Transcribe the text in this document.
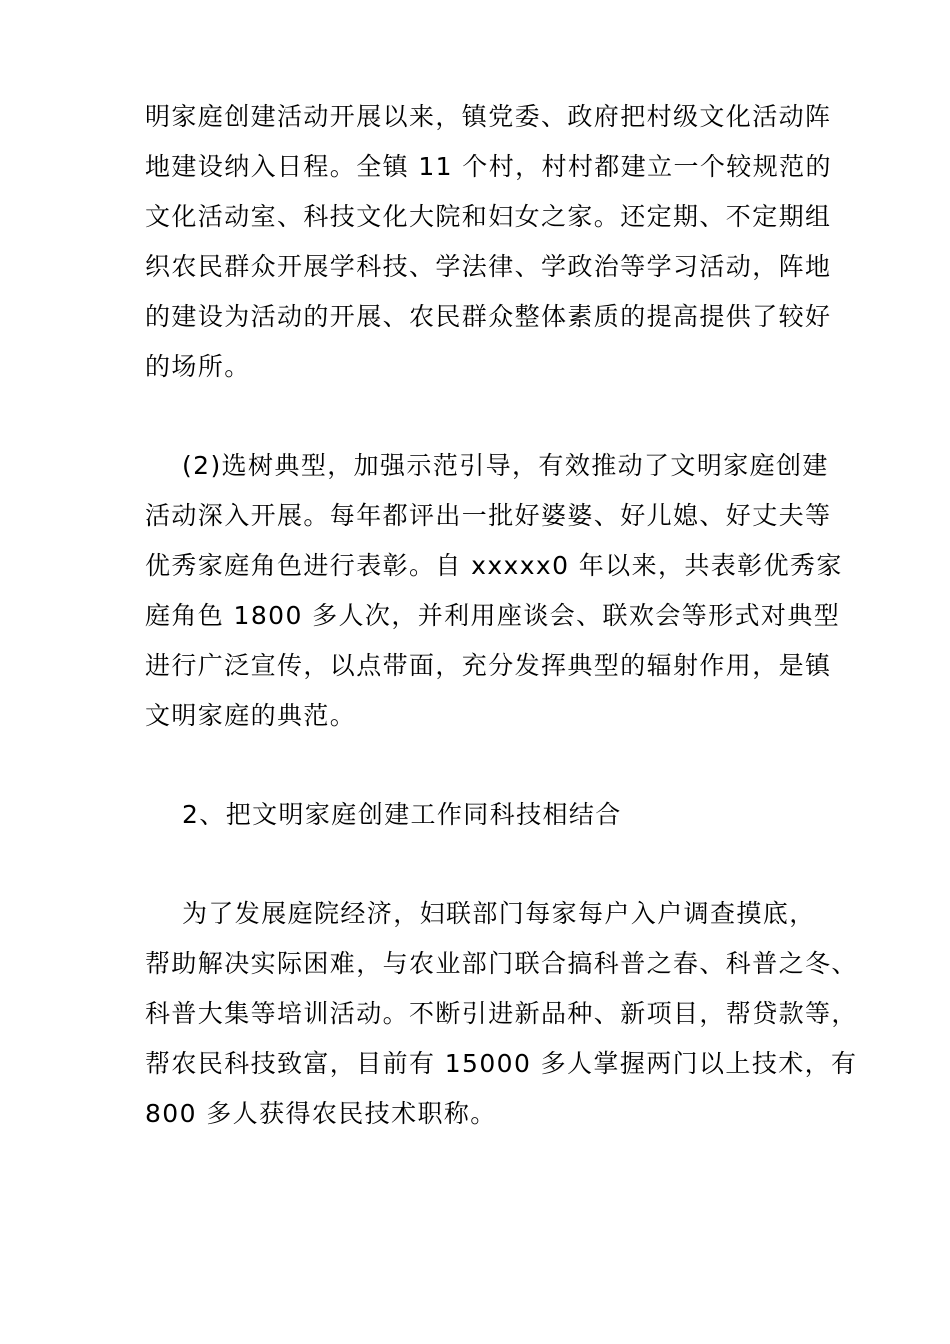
明家庭创建活动开展以来，镇党委、政府把村级文化活动阵
地建设纳入日程。全镇 11 个村，村村都建立一个较规范的
文化活动室、科技文化大院和妇女之家。还定期、不定期组
织农民群众开展学科技、学法律、学政治等学习活动，阵地
的建设为活动的开展、农民群众整体素质的提高提供了较好
的场所。
(2)选树典型，加强示范引导，有效推动了文明家庭创建
活动深入开展。每年都评出一批好婆婆、好儿媳、好丈夫等
优秀家庭角色进行表彰。自 xxxxx0 年以来，共表彰优秀家
庭角色 1800 多人次，并利用座谈会、联欢会等形式对典型
进行广泛宣传，以点带面，充分发挥典型的辐射作用，是镇
文明家庭的典范。
2、把文明家庭创建工作同科技相结合
为了发展庭院经济，妇联部门每家每户入户调查摸底，
帮助解决实际困难，与农业部门联合搞科普之春、科普之冬、
科普大集等培训活动。不断引进新品种、新项目，帮贷款等，
帮农民科技致富，目前有 15000 多人掌握两门以上技术，有
800 多人获得农民技术职称。
